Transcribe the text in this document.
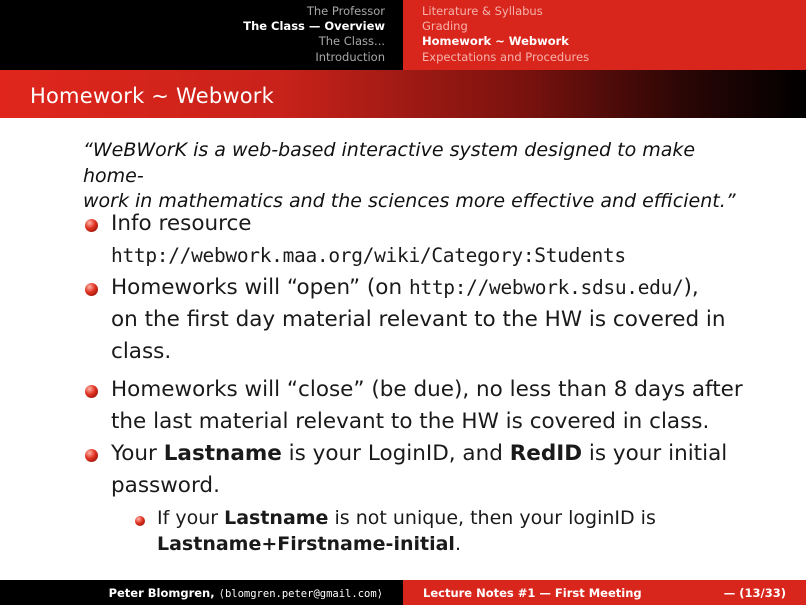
The Professor
The Class — Overview
The Class...
Introduction
Literature & Syllabus
Grading
Homework ∼ Webwork
Expectations and Procedures
Homework ∼ Webwork
“WeBWorK is a web-based interactive system designed to make home-
work in mathematics and the sciences more effective and efficient.”
Info resource
http://webwork.maa.org/wiki/Category:Students
Homeworks will “open” (on http://webwork.sdsu.edu/),
on the first day material relevant to the HW is covered in
class.
Homeworks will “close” (be due), no less than 8 days after
the last material relevant to the HW is covered in class.
Your Lastname is your LoginID, and RedID is your initial
password.
If your Lastname is not unique, then your loginID is
Lastname+Firstname-initial.
Peter Blomgren, ⟨blomgren.peter@gmail.com⟩	Lecture Notes #1 — First Meeting	— (13/33)
